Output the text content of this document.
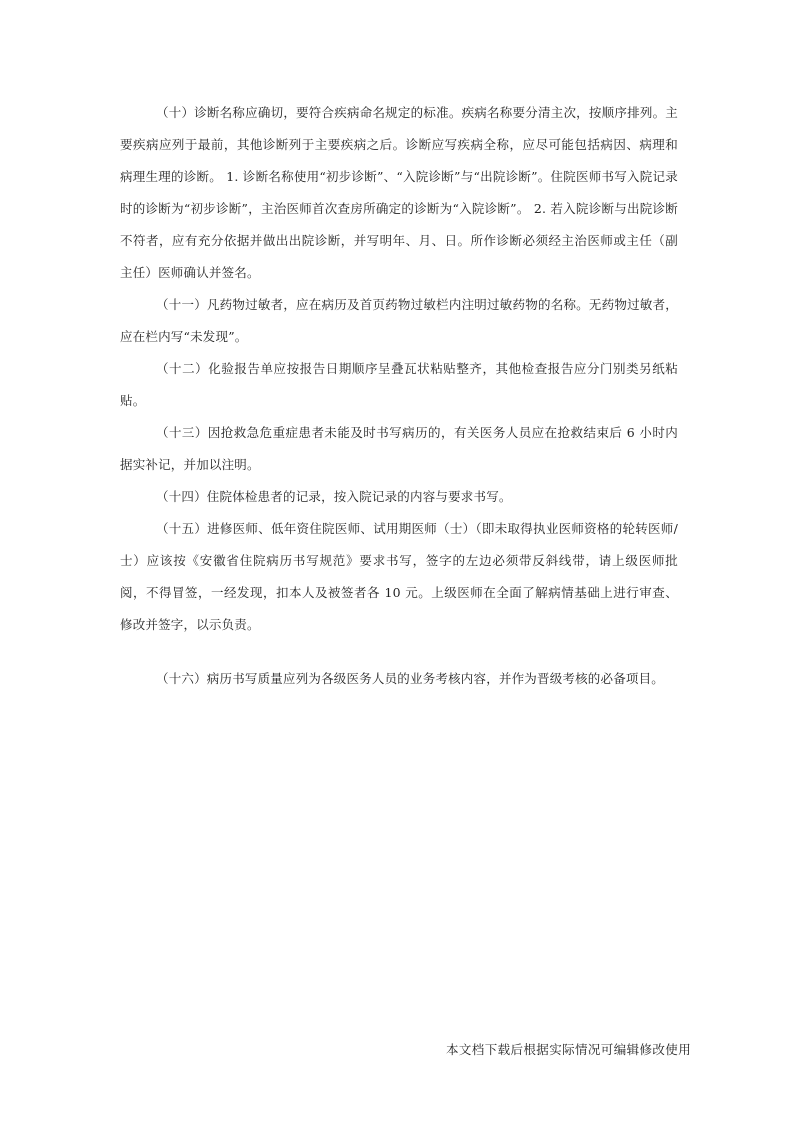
（十）诊断名称应确切，要符合疾病命名规定的标准。疾病名称要分清主次，按顺序排列。主要疾病应列于最前，其他诊断列于主要疾病之后。诊断应写疾病全称，应尽可能包括病因、病理和病理生理的诊断。 1. 诊断名称使用“初步诊断”、“入院诊断”与“出院诊断”。住院医师书写入院记录时的诊断为“初步诊断”，主治医师首次查房所确定的诊断为“入院诊断”。 2. 若入院诊断与出院诊断不符者，应有充分依据并做出出院诊断，并写明年、月、日。所作诊断必须经主治医师或主任（副主任）医师确认并签名。

（十一）凡药物过敏者，应在病历及首页药物过敏栏内注明过敏药物的名称。无药物过敏者，应在栏内写“未发现”。

（十二）化验报告单应按报告日期顺序呈叠瓦状粘贴整齐，其他检查报告应分门别类另纸粘贴。

（十三）因抢救急危重症患者未能及时书写病历的，有关医务人员应在抢救结束后 6 小时内据实补记，并加以注明。

（十四）住院体检患者的记录，按入院记录的内容与要求书写。

（十五）进修医师、低年资住院医师、试用期医师（士）（即未取得执业医师资格的轮转医师/士）应该按《安徽省住院病历书写规范》要求书写，签字的左边必须带反斜线带，请上级医师批阅，不得冒签，一经发现，扣本人及被签者各 10 元。上级医师在全面了解病情基础上进行审查、修改并签字，以示负责。

（十六）病历书写质量应列为各级医务人员的业务考核内容，并作为晋级考核的必备项目。

本文档下载后根据实际情况可编辑修改使用
